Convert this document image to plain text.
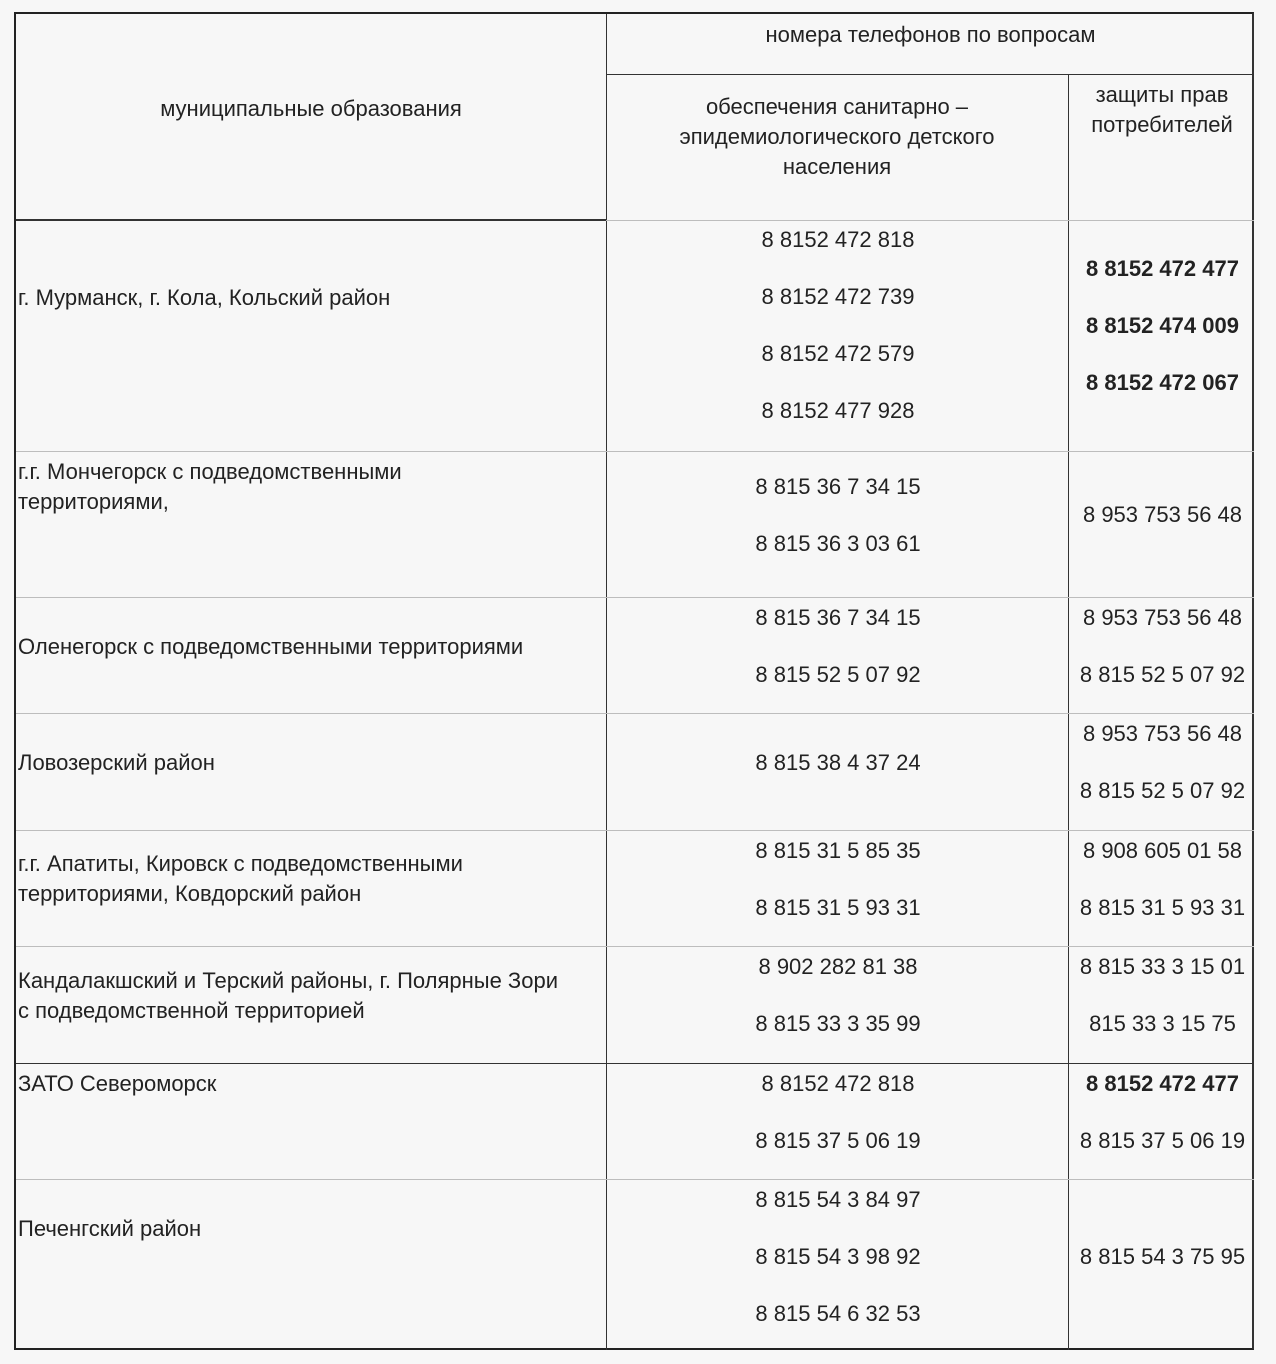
муниципальные образования
номера телефонов по вопросам
обеспечения санитарно – эпидемиологического детского населения
защиты прав потребителей
г. Мурманск, г. Кола, Кольский район
8 8152 472 818
8 8152 472 739
8 8152 472 579
8 8152 477 928
8 8152 472 477
8 8152 474 009
8 8152 472 067
г.г. Мончегорск с подведомственными территориями,
8 815 36 7 34 15
8 815 36 3 03 61
8 953 753 56 48
Оленегорск с подведомственными территориями
8 815 36 7 34 15
8 815 52 5 07 92
8 953 753 56 48
8 815 52 5 07 92
Ловозерский район	8 815 38 4 37 24
8 953 753 56 48
8 815 52 5 07 92
г.г. Апатиты, Кировск с подведомственными территориями, Ковдорский район
8 815 31 5 85 35
8 815 31 5 93 31
8 908 605 01 58
8 815 31 5 93 31
Кандалакшский и Терский районы, г. Полярные Зори с подведомственной территорией
8 902 282 81 38
8 815 33 3 35 99
8 815 33 3 15 01
815 33 3 15 75
ЗАТО Североморск	8 8152 472 818
8 815 37 5 06 19
8 8152 472 477
8 815 37 5 06 19
Печенгский район
8 815 54 3 84 97
8 815 54 3 98 92
8 815 54 6 32 53
8 815 54 3 75 95
